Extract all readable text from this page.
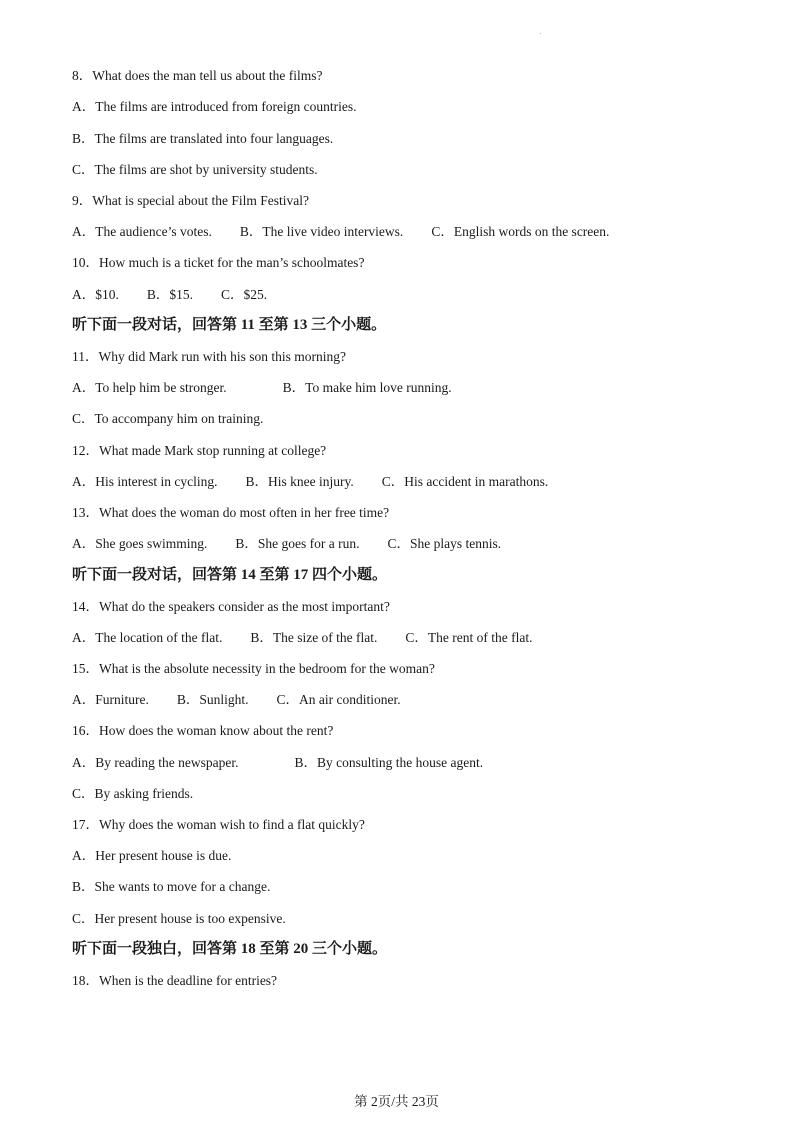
8．What does the man tell us about the films?
A．The films are introduced from foreign countries.
B．The films are translated into four languages.
C．The films are shot by university students.
9．What is special about the Film Festival?
A．The audience’s votes. B．The live video interviews. C．English words on the screen.
10．How much is a ticket for the man’s schoolmates?
A．$10. B．$15. C．$25.
听下面一段对话，回答第 11 至第 13 三个小题。
11．Why did Mark run with his son this morning?
A．To help him be stronger.	B．To make him love running.
C．To accompany him on training.
12．What made Mark stop running at college?
A．His interest in cycling. B．His knee injury. C．His accident in marathons.
13．What does the woman do most often in her free time?
A．She goes swimming. B．She goes for a run. C．She plays tennis.
听下面一段对话，回答第 14 至第 17 四个小题。
14．What do the speakers consider as the most important?
A．The location of the flat. B．The size of the flat. C．The rent of the flat.
15．What is the absolute necessity in the bedroom for the woman?
A．Furniture. B．Sunlight. C．An air conditioner.
16．How does the woman know about the rent?
A．By reading the newspaper.	B．By consulting the house agent.
C．By asking friends.
17．Why does the woman wish to find a flat quickly?
A．Her present house is due.
B．She wants to move for a change.
C．Her present house is too expensive.
听下面一段独白，回答第 18 至第 20 三个小题。
18．When is the deadline for entries?
第 2页/共 23页
